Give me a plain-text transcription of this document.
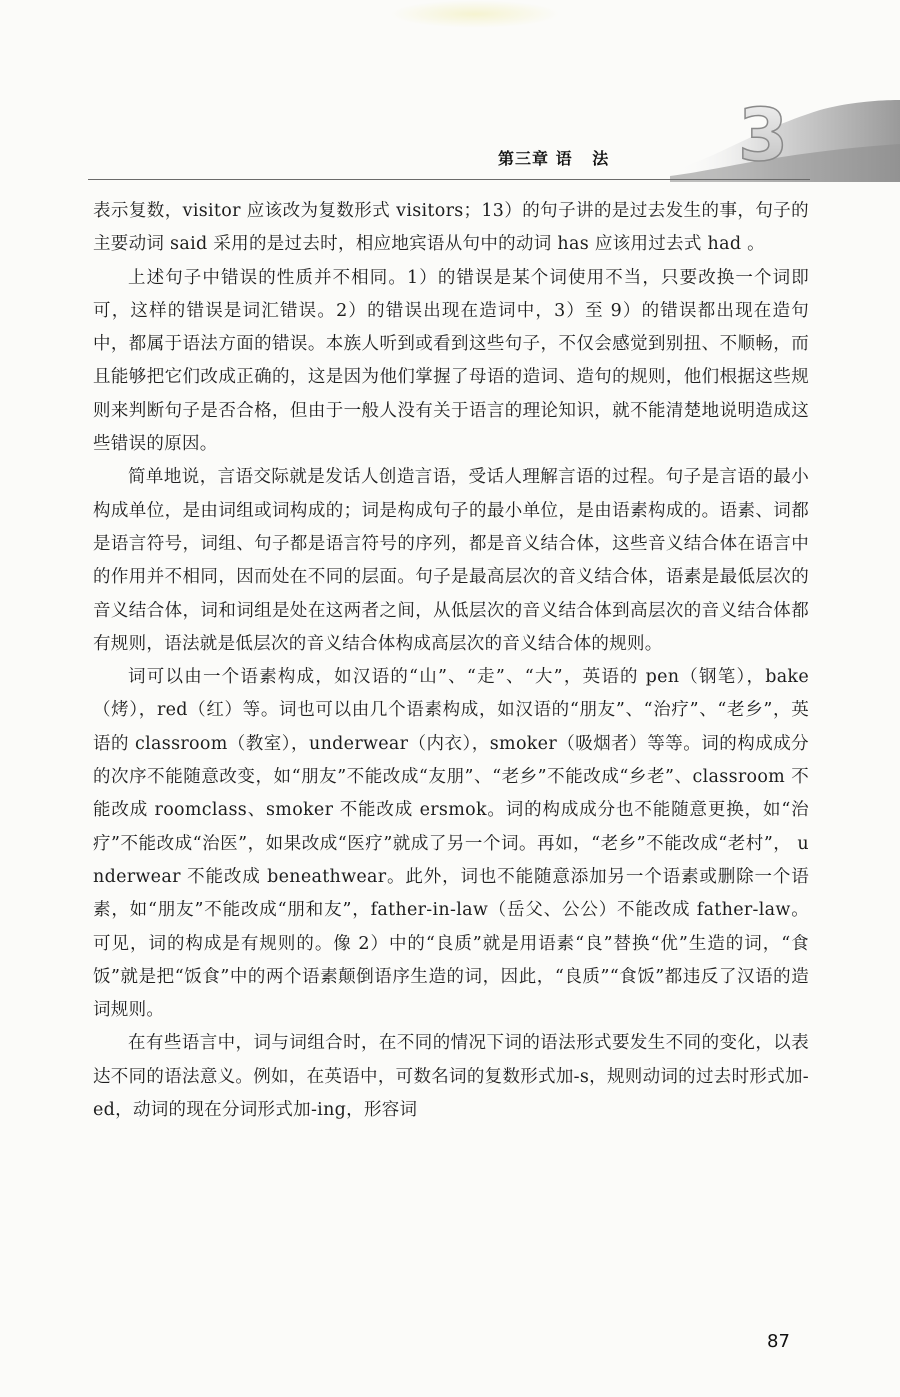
第三章 语   法 3

表示复数，visitor 应该改为复数形式 visitors；13）的句子讲的是过去发生的事，句子的主要动词 said 采用的是过去时，相应地宾语从句中的动词 has 应该用过去式 had 。

上述句子中错误的性质并不相同。1）的错误是某个词使用不当，只要改换一个词即可，这样的错误是词汇错误。2）的错误出现在造词中，3）至 9）的错误都出现在造句中，都属于语法方面的错误。本族人听到或看到这些句子，不仅会感觉到别扭、不顺畅，而且能够把它们改成正确的，这是因为他们掌握了母语的造词、造句的规则，他们根据这些规则来判断句子是否合格，但由于一般人没有关于语言的理论知识，就不能清楚地说明造成这些错误的原因。

简单地说，言语交际就是发话人创造言语，受话人理解言语的过程。句子是言语的最小构成单位，是由词组或词构成的；词是构成句子的最小单位，是由语素构成的。语素、词都是语言符号，词组、句子都是语言符号的序列，都是音义结合体，这些音义结合体在语言中的作用并不相同，因而处在不同的层面。句子是最高层次的音义结合体，语素是最低层次的音义结合体，词和词组是处在这两者之间，从低层次的音义结合体到高层次的音义结合体都有规则，语法就是低层次的音义结合体构成高层次的音义结合体的规则。

词可以由一个语素构成，如汉语的“山”、“走”、“大”，英语的 pen（钢笔），bake（烤），red（红）等。词也可以由几个语素构成，如汉语的“朋友”、“治疗”、“老乡”，英语的 classroom（教室），underwear（内衣），smoker（吸烟者）等等。词的构成成分的次序不能随意改变，如“朋友”不能改成“友朋”、“老乡”不能改成“乡老”、classroom 不能改成 roomclass、smoker 不能改成 ersmok。词的构成成分也不能随意更换，如“治疗”不能改成“治医”，如果改成“医疗”就成了另一个词。再如，“老乡”不能改成“老村”， underwear 不能改成 beneathwear。此外，词也不能随意添加另一个语素或删除一个语素，如“朋友”不能改成“朋和友”，father-in-law（岳父、公公）不能改成 father-law。可见，词的构成是有规则的。像 2）中的“良质”就是用语素“良”替换“优”生造的词，“食饭”就是把“饭食”中的两个语素颠倒语序生造的词，因此，“良质”“食饭”都违反了汉语的造词规则。

在有些语言中，词与词组合时，在不同的情况下词的语法形式要发生不同的变化，以表达不同的语法意义。例如，在英语中，可数名词的复数形式加-s，规则动词的过去时形式加-ed，动词的现在分词形式加-ing，形容词

87
